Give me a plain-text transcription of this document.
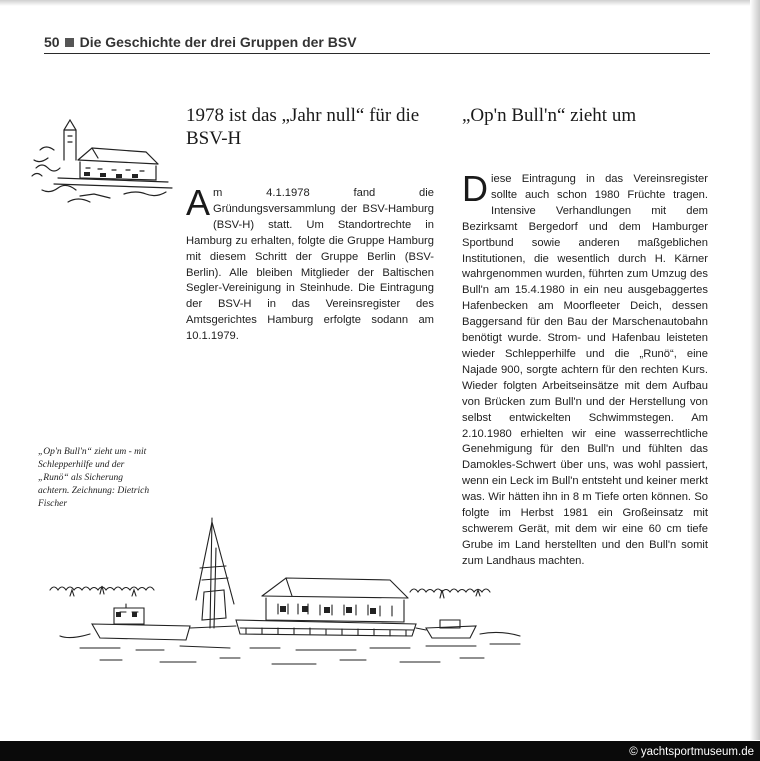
50 Die Geschichte der drei Gruppen der BSV
1978 ist das „Jahr null“ für die BSV-H

Am 4.1.1978 fand die Gründungsversammlung der BSV-Hamburg (BSV-H) statt. Um Standortrechte in Hamburg zu erhalten, folgte die Gruppe Hamburg mit diesem Schritt der Gruppe Berlin (BSV-Berlin). Alle bleiben Mitglieder der Baltischen Segler-Vereinigung in Steinhude. Die Eintragung der BSV-H in das Vereinsregister des Amtsgerichtes Hamburg erfolgte sodann am 10.1.1979.

„Op'n Bull'n“ zieht um

Diese Eintragung in das Vereinsregister sollte auch schon 1980 Früchte tragen. Intensive Verhandlungen mit dem Bezirksamt Bergedorf und dem Hamburger Sportbund sowie anderen maßgeblichen Institutionen, die wesentlich durch H. Kärner wahrgenommen wurden, führten zum Umzug des Bull'n am 15.4.1980 in ein neu ausgebaggertes Hafenbecken am Moorfleeter Deich, dessen Baggersand für den Bau der Marschenautobahn benötigt wurde. Strom- und Hafenbau leisteten wieder Schlepperhilfe und die „Runö“, eine Najade 900, sorgte achtern für den rechten Kurs. Wieder folgten Arbeitseinsätze mit dem Aufbau von Brücken zum Bull'n und der Herstellung von selbst entwickelten Schwimmstegen. Am 2.10.1980 erhielten wir eine wasserrechtliche Genehmigung für den Bull'n und fühlten das Damokles-Schwert über uns, was wohl passiert, wenn ein Leck im Bull'n entsteht und keiner merkt was. Wir hätten ihn in 8 m Tiefe orten können. So folgte im Herbst 1981 ein Großeinsatz mit schwerem Gerät, mit dem wir eine 60 cm tiefe Grube im Land herstellten und den Bull'n somit zum Landhaus machten.

„Op'n Bull'n“ zieht um - mit Schlepperhilfe und der „Runö“ als Sicherung achtern. Zeichnung: Dietrich Fischer

© yachtsportmuseum.de
